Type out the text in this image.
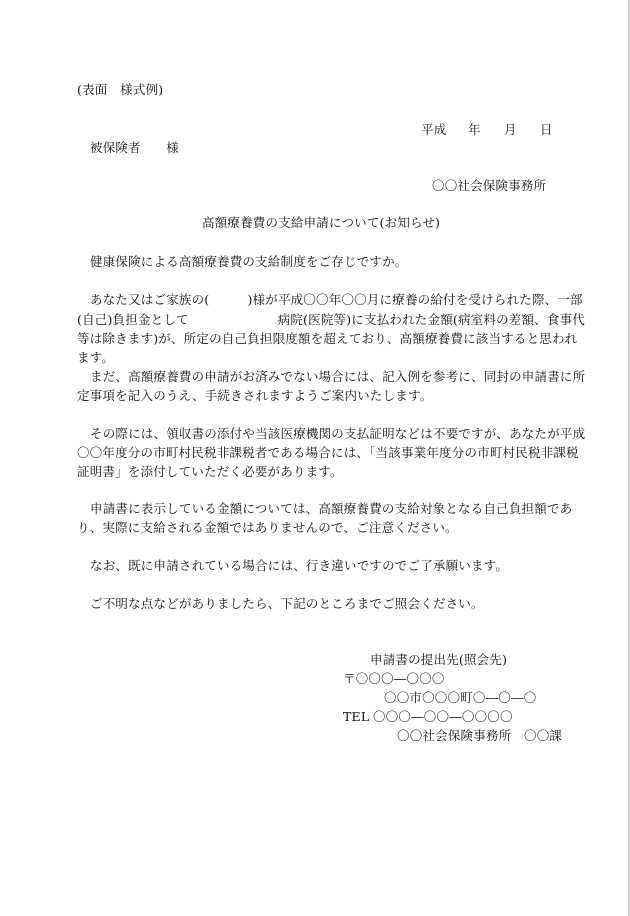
(表面　様式例)
平成 年 月 日
被保険者　　様
〇〇社会保険事務所
高額療養費の支給申請について(お知らせ)
健康保険による高額療養費の支給制度をご存じですか。
あなた又はご家族の(　　　)様が平成〇〇年〇〇月に療養の給付を受けられた際、一部
(自己)負担金として　　　　　　　病院(医院等)に支払われた金額(病室料の差額、食事代
等は除きます)が、所定の自己負担限度額を超えており、高額療養費に該当すると思われ
ます。
まだ、高額療養費の申請がお済みでない場合には、記入例を参考に、同封の申請書に所
定事項を記入のうえ、手続きされますようご案内いたします。
その際には、領収書の添付や当該医療機関の支払証明などは不要ですが、あなたが平成
〇〇年度分の市町村民税非課税者である場合には、「当該事業年度分の市町村民税非課税
証明書」を添付していただく必要があります。
申請書に表示している金額については、高額療養費の支給対象となる自己負担額であ
り、実際に支給される金額ではありませんので、ご注意ください。
なお、既に申請されている場合には、行き違いですのでご了承願います。
ご不明な点などがありましたら、下記のところまでご照会ください。
申請書の提出先(照会先)
〒〇〇〇―〇〇〇
〇〇市〇〇〇町〇―〇―〇
TEL 〇〇〇―〇〇―〇〇〇〇
〇〇社会保険事務所　〇〇課
